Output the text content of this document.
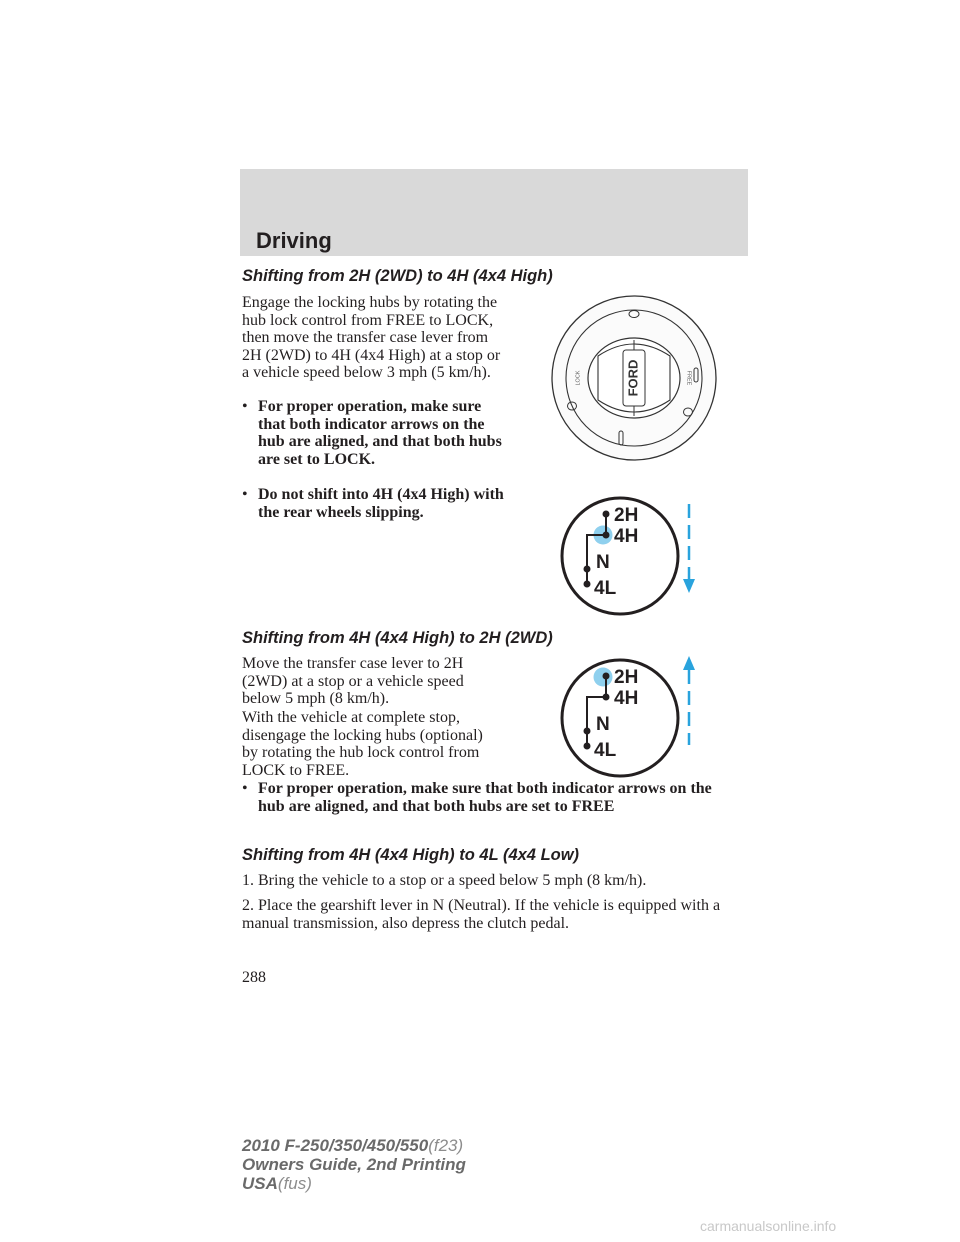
Driving
Shifting from 2H (2WD) to 4H (4x4 High)

Engage the locking hubs by rotating the hub lock control from FREE to LOCK, then move the transfer case lever from 2H (2WD) to 4H (4x4 High) at a stop or a vehicle speed below 3 mph (5 km/h).

• For proper operation, make sure that both indicator arrows on the hub are aligned, and that both hubs are set to LOCK.
• Do not shift into 4H (4x4 High) with the rear wheels slipping.
Shifting from 4H (4x4 High) to 2H (2WD)

Move the transfer case lever to 2H (2WD) at a stop or a vehicle speed below 5 mph (8 km/h).

With the vehicle at complete stop, disengage the locking hubs (optional) by rotating the hub lock control from LOCK to FREE.

• For proper operation, make sure that both indicator arrows on the hub are aligned, and that both hubs are set to FREE
Shifting from 4H (4x4 High) to 4L (4x4 Low)

1. Bring the vehicle to a stop or a speed below 5 mph (8 km/h).

2. Place the gearshift lever in N (Neutral). If the vehicle is equipped with a manual transmission, also depress the clutch pedal.

FORD
LOCK	FREE
2H
4H
N
4L
2H
4H
N
4L
288
2010 F-250/350/450/550(f23)
Owners Guide, 2nd Printing
USA(fus)
carmanualsonline.info
